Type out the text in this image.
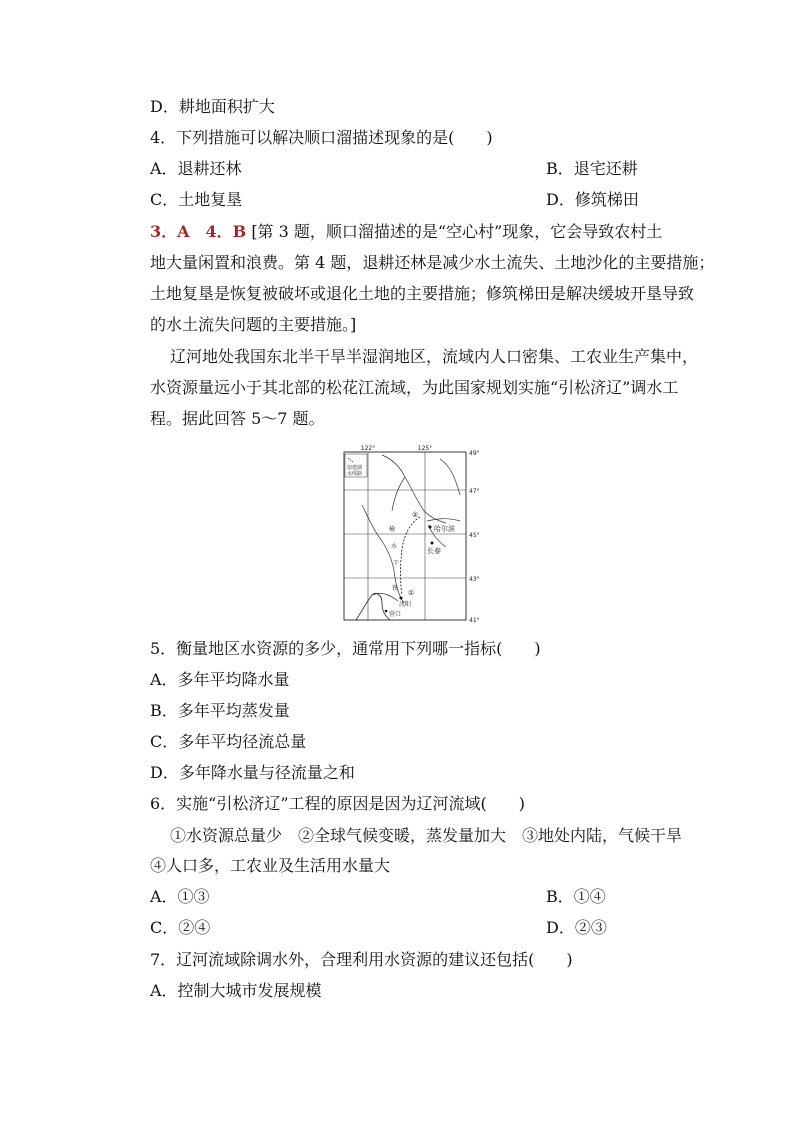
D．耕地面积扩大
4．下列措施可以解决顺口溜描述现象的是(　　)
A．退耕还林	B．退宅还耕
C．土地复垦	D．修筑梯田
3．A　4．B [第 3 题，顺口溜描述的是“空心村”现象，它会导致农村土
地大量闲置和浪费。第 4 题，退耕还林是减少水土流失、土地沙化的主要措施；
土地复垦是恢复被破坏或退化土地的主要措施；修筑梯田是解决缓坡开垦导致
的水土流失问题的主要措施。]
辽河地处我国东北半干旱半湿润地区，流域内人口密集、工农业生产集中，
水资源量远小于其北部的松花江流域，为此国家规划实施“引松济辽”调水工
程。据此回答 5～7 题。
122°	125°
49°
47°
45°
43°
41°
拟建调
水线路
哈尔滨
长春
沈阳
营口
榆
水
干
铁
②
①
5．衡量地区水资源的多少，通常用下列哪一指标(　　)
A．多年平均降水量
B．多年平均蒸发量
C．多年平均径流总量
D．多年降水量与径流量之和
6．实施“引松济辽”工程的原因是因为辽河流域(　　)
①水资源总量少　②全球气候变暖，蒸发量加大　③地处内陆，气候干旱
④人口多，工农业及生活用水量大
A．①③	B．①④
C．②④	D．②③
7．辽河流域除调水外，合理利用水资源的建议还包括(　　)
A．控制大城市发展规模
